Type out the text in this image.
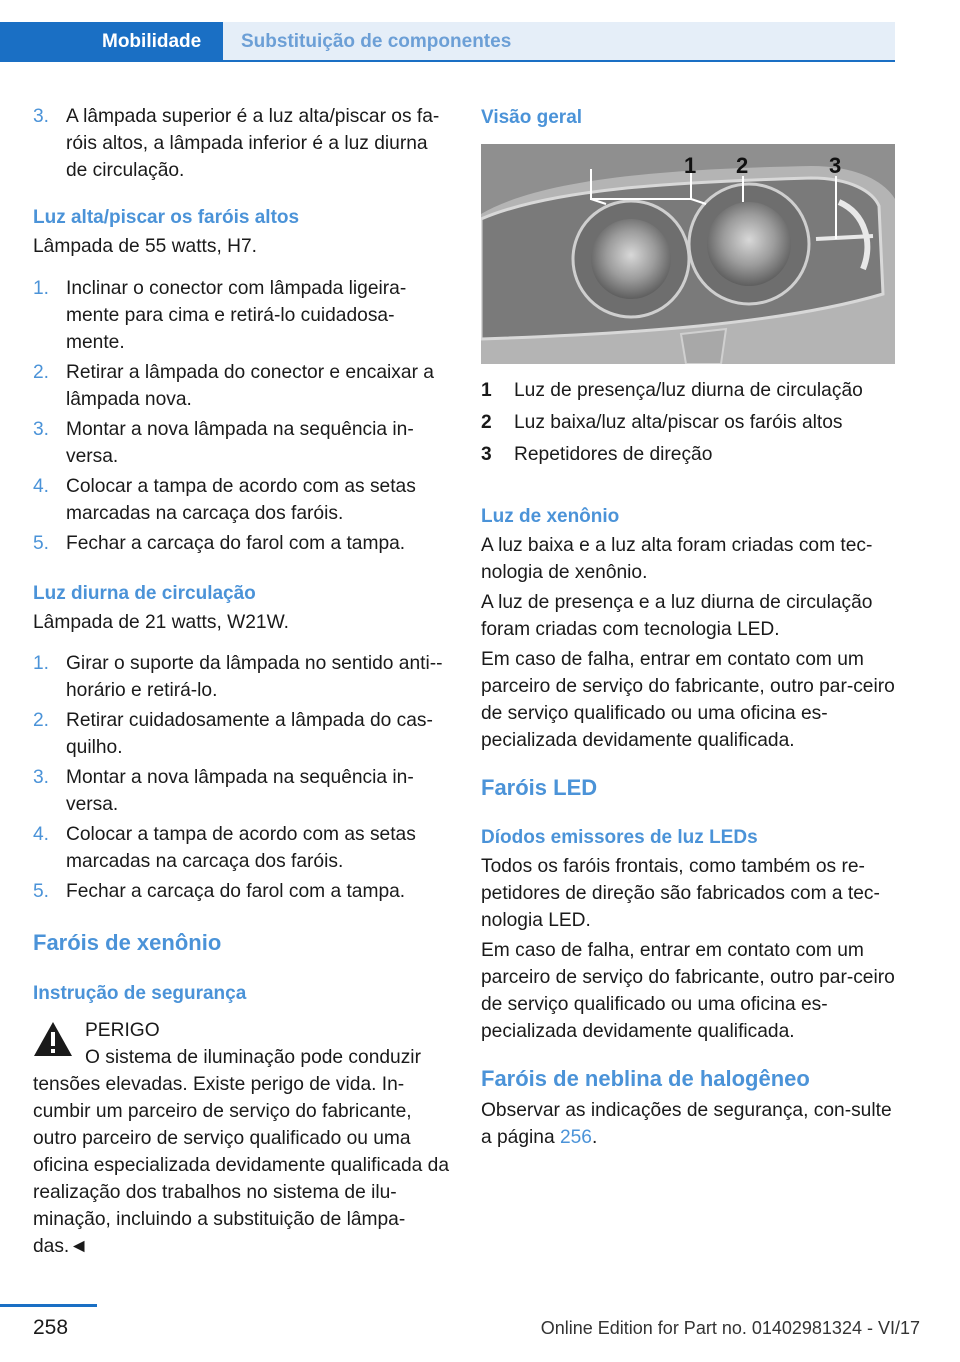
Mobilidade	Substituição de componentes
3. A lâmpada superior é a luz alta/piscar os fa-róis altos, a lâmpada inferior é a luz diurna de circulação.
Luz alta/piscar os faróis altos
Lâmpada de 55 watts, H7.
1. Inclinar o conector com lâmpada ligeira-mente para cima e retirá-lo cuidadosa-mente.
2. Retirar a lâmpada do conector e encaixar a lâmpada nova.
3. Montar a nova lâmpada na sequência in-versa.
4. Colocar a tampa de acordo com as setas marcadas na carcaça dos faróis.
5. Fechar a carcaça do farol com a tampa.
Luz diurna de circulação
Lâmpada de 21 watts, W21W.
1. Girar o suporte da lâmpada no sentido anti--horário e retirá-lo.
2. Retirar cuidadosamente a lâmpada do cas-quilho.
3. Montar a nova lâmpada na sequência in-versa.
4. Colocar a tampa de acordo com as setas marcadas na carcaça dos faróis.
5. Fechar a carcaça do farol com a tampa.
Faróis de xenônio
Instrução de segurança
PERIGO
O sistema de iluminação pode conduzir tensões elevadas. Existe perigo de vida. In-cumbir um parceiro de serviço do fabricante, outro parceiro de serviço qualificado ou uma oficina especializada devidamente qualificada da realização dos trabalhos no sistema de ilu-minação, incluindo a substituição de lâmpa-das.◄
Visão geral
1 2	3
1 Luz de presença/luz diurna de circulação
2 Luz baixa/luz alta/piscar os faróis altos
3 Repetidores de direção
Luz de xenônio

A luz baixa e a luz alta foram criadas com tec-nologia de xenônio.

A luz de presença e a luz diurna de circulação foram criadas com tecnologia LED.

Em caso de falha, entrar em contato com um parceiro de serviço do fabricante, outro par-ceiro de serviço qualificado ou uma oficina es-pecializada devidamente qualificada.

Faróis LED
Díodos emissores de luz LEDs

Todos os faróis frontais, como também os re-petidores de direção são fabricados com a tec-nologia LED.

Em caso de falha, entrar em contato com um parceiro de serviço do fabricante, outro par-ceiro de serviço qualificado ou uma oficina es-pecializada devidamente qualificada.

Faróis de neblina de halogêneo
Observar as indicações de segurança, con-sulte a página 256.
258	Online Edition for Part no. 01402981324 - VI/17
